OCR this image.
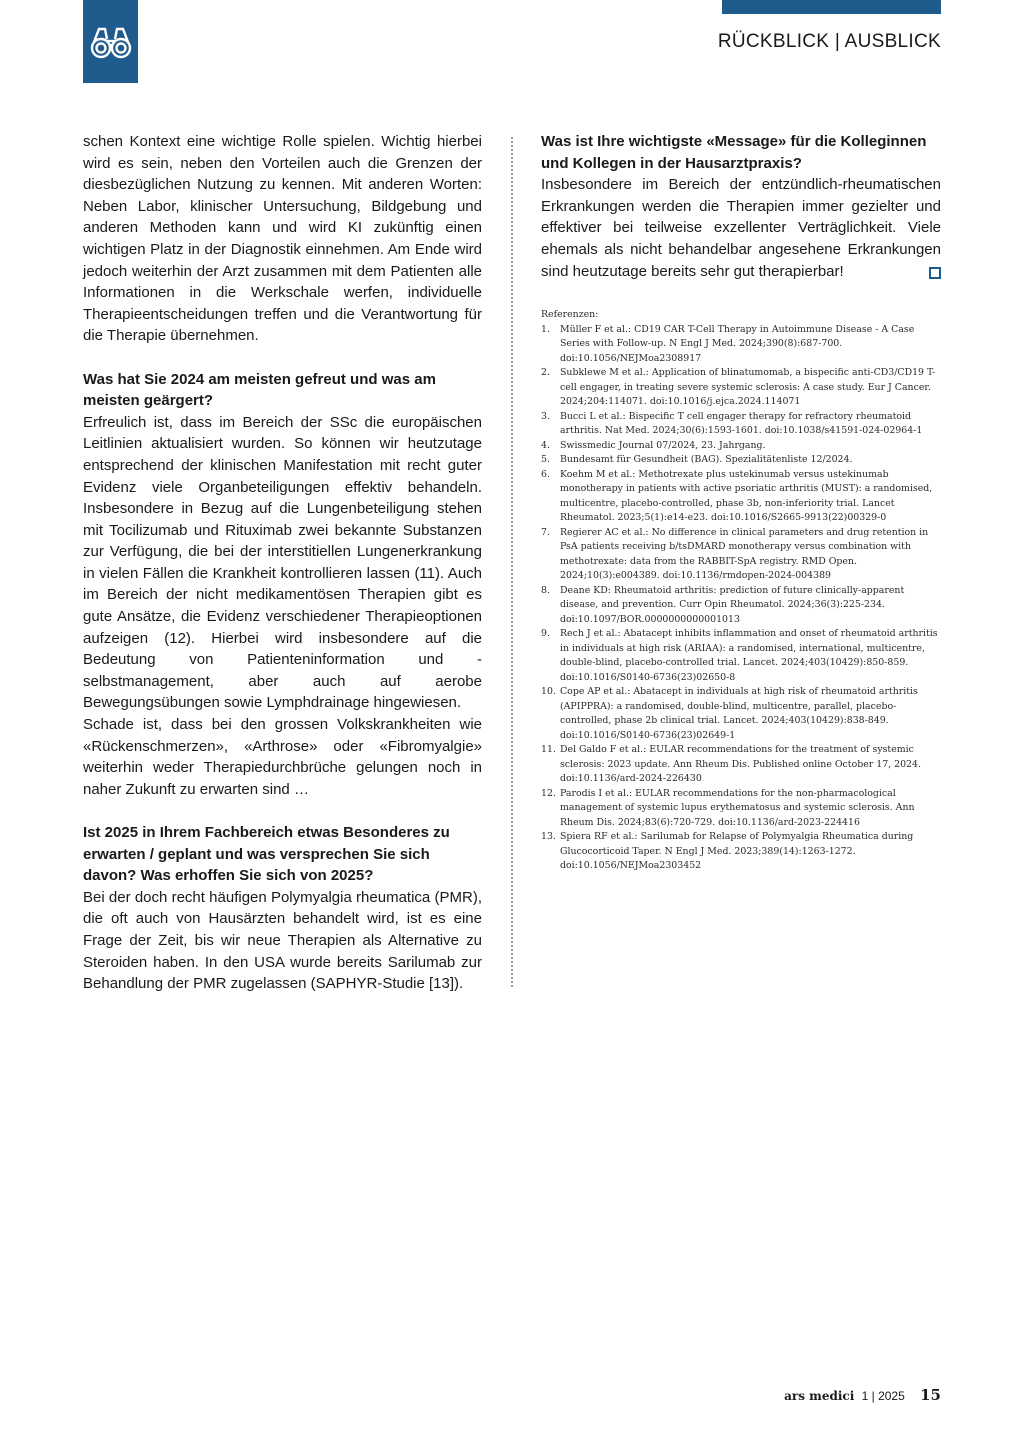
RÜCKBLICK | AUSBLICK

schen Kontext eine wichtige Rolle spielen. Wichtig hierbei wird es sein, neben den Vorteilen auch die Grenzen der diesbezüglichen Nutzung zu kennen. Mit anderen Worten: Neben Labor, klinischer Untersuchung, Bildgebung und anderen Methoden kann und wird KI zukünftig einen wichtigen Platz in der Diagnostik einnehmen. Am Ende wird jedoch weiterhin der Arzt zusammen mit dem Patienten alle Informationen in die Werkschale werfen, individuelle Therapieentscheidungen treffen und die Verantwortung für die Therapie übernehmen.

Was hat Sie 2024 am meisten gefreut und was am meisten geärgert?

Erfreulich ist, dass im Bereich der SSc die europäischen Leitlinien aktualisiert wurden. So können wir heutzutage entsprechend der klinischen Manifestation mit recht guter Evidenz viele Organbeteiligungen effektiv behandeln. Insbesondere in Bezug auf die Lungenbeteiligung stehen mit Tocilizumab und Rituximab zwei bekannte Substanzen zur Verfügung, die bei der interstitiellen Lungenerkrankung in vielen Fällen die Krankheit kontrollieren lassen (11). Auch im Bereich der nicht medikamentösen Therapien gibt es gute Ansätze, die Evidenz verschiedener Therapieoptionen aufzeigen (12). Hierbei wird insbesondere auf die Bedeutung von Patienteninformation und -selbstmanagement, aber auch auf aerobe Bewegungsübungen sowie Lymphdrainage hingewiesen.

Schade ist, dass bei den grossen Volkskrankheiten wie «Rückenschmerzen», «Arthrose» oder «Fibromyalgie» weiterhin weder Therapiedurchbrüche gelungen noch in naher Zukunft zu erwarten sind …

Ist 2025 in Ihrem Fachbereich etwas Besonderes zu erwarten / geplant und was versprechen Sie sich davon? Was erhoffen Sie sich von 2025?

Bei der doch recht häufigen Polymyalgia rheumatica (PMR), die oft auch von Hausärzten behandelt wird, ist es eine Frage der Zeit, bis wir neue Therapien als Alternative zu Steroiden haben. In den USA wurde bereits Sarilumab zur Behandlung der PMR zugelassen (SAPHYR-Studie [13]).

Was ist Ihre wichtigste «Message» für die Kolleginnen und Kollegen in der Hausarztpraxis?

Insbesondere im Bereich der entzündlich-rheumatischen Erkrankungen werden die Therapien immer gezielter und effektiver bei teilweise exzellenter Verträglichkeit. Viele ehemals als nicht behandelbar angesehene Erkrankungen sind heutzutage bereits sehr gut therapierbar!

Referenzen:
1. Müller F et al.: CD19 CAR T-Cell Therapy in Autoimmune Disease - A Case Series with Follow-up. N Engl J Med. 2024;390(8):687-700. doi:10.1056/NEJMoa2308917
2. Subklewe M et al.: Application of blinatumomab, a bispecific anti-CD3/CD19 T-cell engager, in treating severe systemic sclerosis: A case study. Eur J Cancer. 2024;204:114071. doi:10.1016/j.ejca.2024.114071
3. Bucci L et al.: Bispecific T cell engager therapy for refractory rheumatoid arthritis. Nat Med. 2024;30(6):1593-1601. doi:10.1038/s41591-024-02964-1
4. Swissmedic Journal 07/2024, 23. Jahrgang.
5. Bundesamt für Gesundheit (BAG). Spezialitätenliste 12/2024.
6. Koehm M et al.: Methotrexate plus ustekinumab versus ustekinumab monotherapy in patients with active psoriatic arthritis (MUST): a randomised, multicentre, placebo-controlled, phase 3b, non-inferiority trial. Lancet Rheumatol. 2023;5(1):e14-e23. doi:10.1016/S2665-9913(22)00329-0
7. Regierer AC et al.: No difference in clinical parameters and drug retention in PsA patients receiving b/tsDMARD monotherapy versus combination with methotrexate: data from the RABBIT-SpA registry. RMD Open. 2024;10(3):e004389. doi:10.1136/rmdopen-2024-004389
8. Deane KD: Rheumatoid arthritis: prediction of future clinically-apparent disease, and prevention. Curr Opin Rheumatol. 2024;36(3):225-234. doi:10.1097/BOR.0000000000001013
9. Rech J et al.: Abatacept inhibits inflammation and onset of rheumatoid arthritis in individuals at high risk (ARIAA): a randomised, international, multicentre, double-blind, placebo-controlled trial. Lancet. 2024;403(10429):850-859. doi:10.1016/S0140-6736(23)02650-8
10. Cope AP et al.: Abatacept in individuals at high risk of rheumatoid arthritis (APIPPRA): a randomised, double-blind, multicentre, parallel, placebo-controlled, phase 2b clinical trial. Lancet. 2024;403(10429):838-849. doi:10.1016/S0140-6736(23)02649-1
11. Del Galdo F et al.: EULAR recommendations for the treatment of systemic sclerosis: 2023 update. Ann Rheum Dis. Published online October 17, 2024. doi:10.1136/ard-2024-226430
12. Parodis I et al.: EULAR recommendations for the non-pharmacological management of systemic lupus erythematosus and systemic sclerosis. Ann Rheum Dis. 2024;83(6):720-729. doi:10.1136/ard-2023-224416
13. Spiera RF et al.: Sarilumab for Relapse of Polymyalgia Rheumatica during Glucocorticoid Taper. N Engl J Med. 2023;389(14):1263-1272. doi:10.1056/NEJMoa2303452
ars medici 1 | 2025 15
